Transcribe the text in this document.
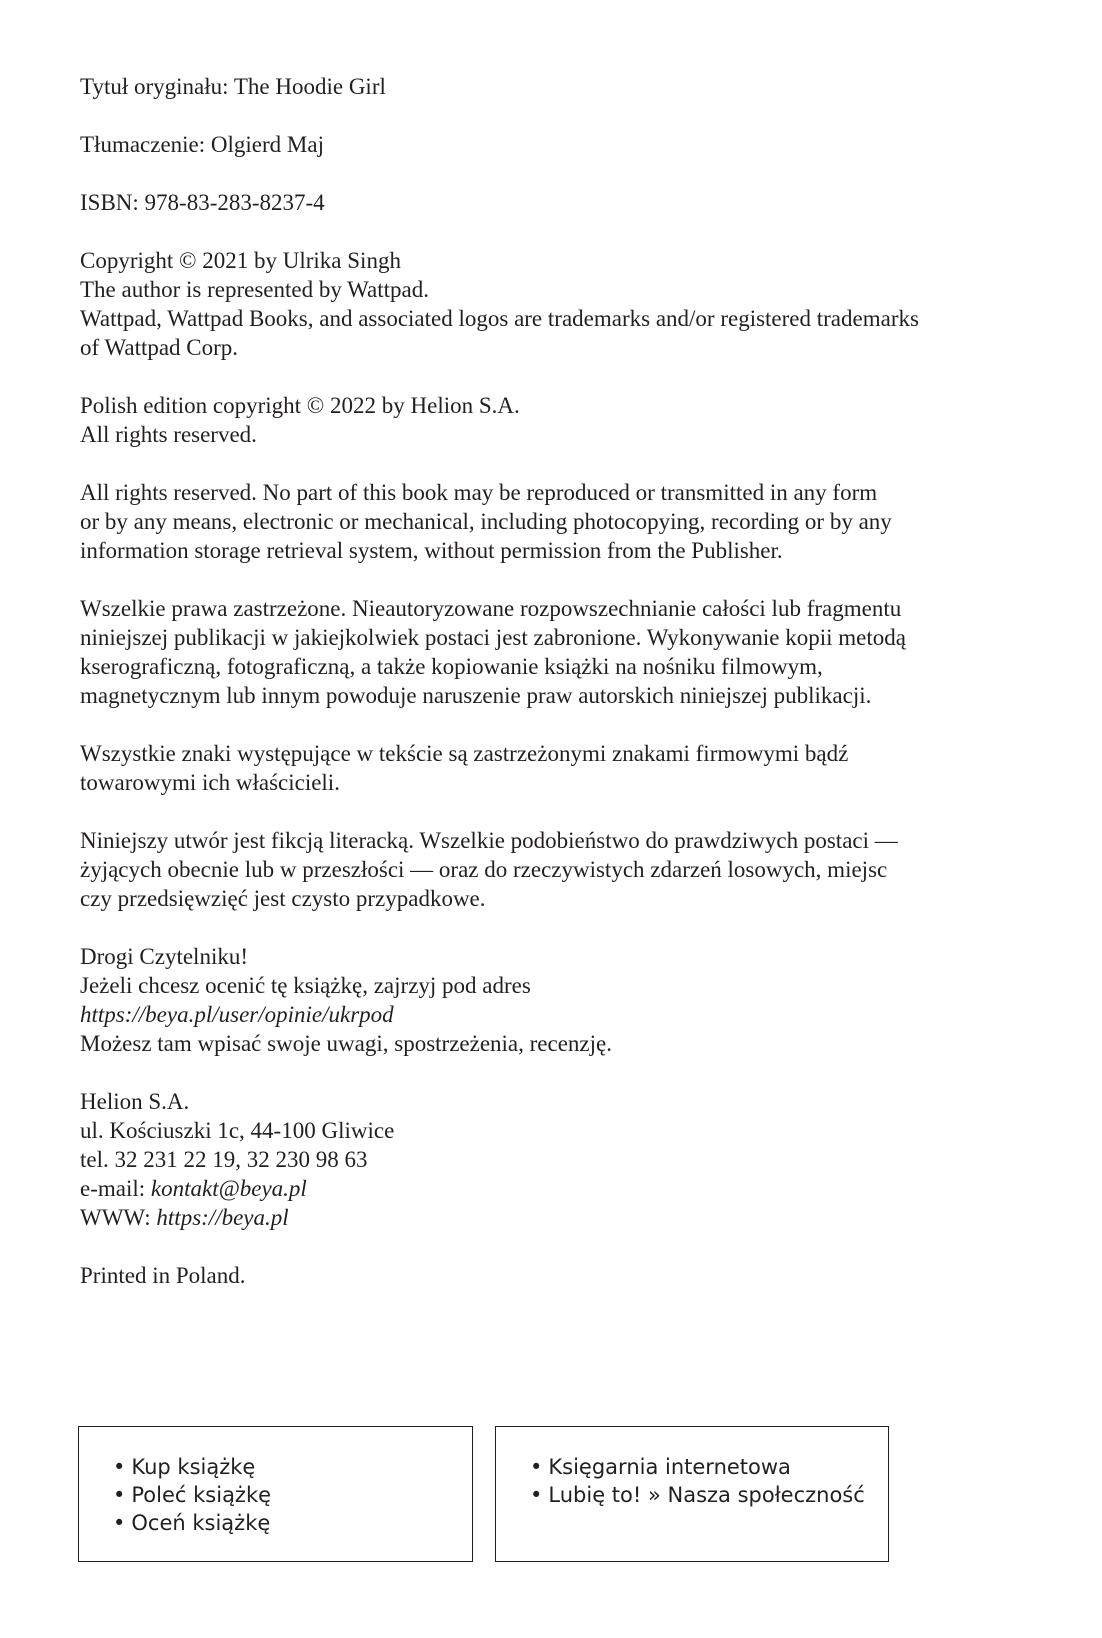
Tytuł oryginału: The Hoodie Girl
Tłumaczenie: Olgierd Maj
ISBN: 978-83-283-8237-4
Copyright © 2021 by Ulrika Singh
The author is represented by Wattpad.
Wattpad, Wattpad Books, and associated logos are trademarks and/or registered trademarks
of Wattpad Corp.
Polish edition copyright © 2022 by Helion S.A.
All rights reserved.
All rights reserved. No part of this book may be reproduced or transmitted in any form
or by any means, electronic or mechanical, including photocopying, recording or by any
information storage retrieval system, without permission from the Publisher.
Wszelkie prawa zastrzeżone. Nieautoryzowane rozpowszechnianie całości lub fragmentu
niniejszej publikacji w jakiejkolwiek postaci jest zabronione. Wykonywanie kopii metodą
kserograficzną, fotograficzną, a także kopiowanie książki na nośniku filmowym,
magnetycznym lub innym powoduje naruszenie praw autorskich niniejszej publikacji.
Wszystkie znaki występujące w tekście są zastrzeżonymi znakami firmowymi bądź
towarowymi ich właścicieli.
Niniejszy utwór jest fikcją literacką. Wszelkie podobieństwo do prawdziwych postaci —
żyjących obecnie lub w przeszłości — oraz do rzeczywistych zdarzeń losowych, miejsc
czy przedsięwzięć jest czysto przypadkowe.
Drogi Czytelniku!
Jeżeli chcesz ocenić tę książkę, zajrzyj pod adres
https://beya.pl/user/opinie/ukrpod
Możesz tam wpisać swoje uwagi, spostrzeżenia, recenzję.
Helion S.A.
ul. Kościuszki 1c, 44-100 Gliwice
tel. 32 231 22 19, 32 230 98 63
e-mail: kontakt@beya.pl
WWW: https://beya.pl
Printed in Poland.
• Kup książkę
• Poleć książkę
• Oceń książkę
• Księgarnia internetowa
• Lubię to! » Nasza społeczność
